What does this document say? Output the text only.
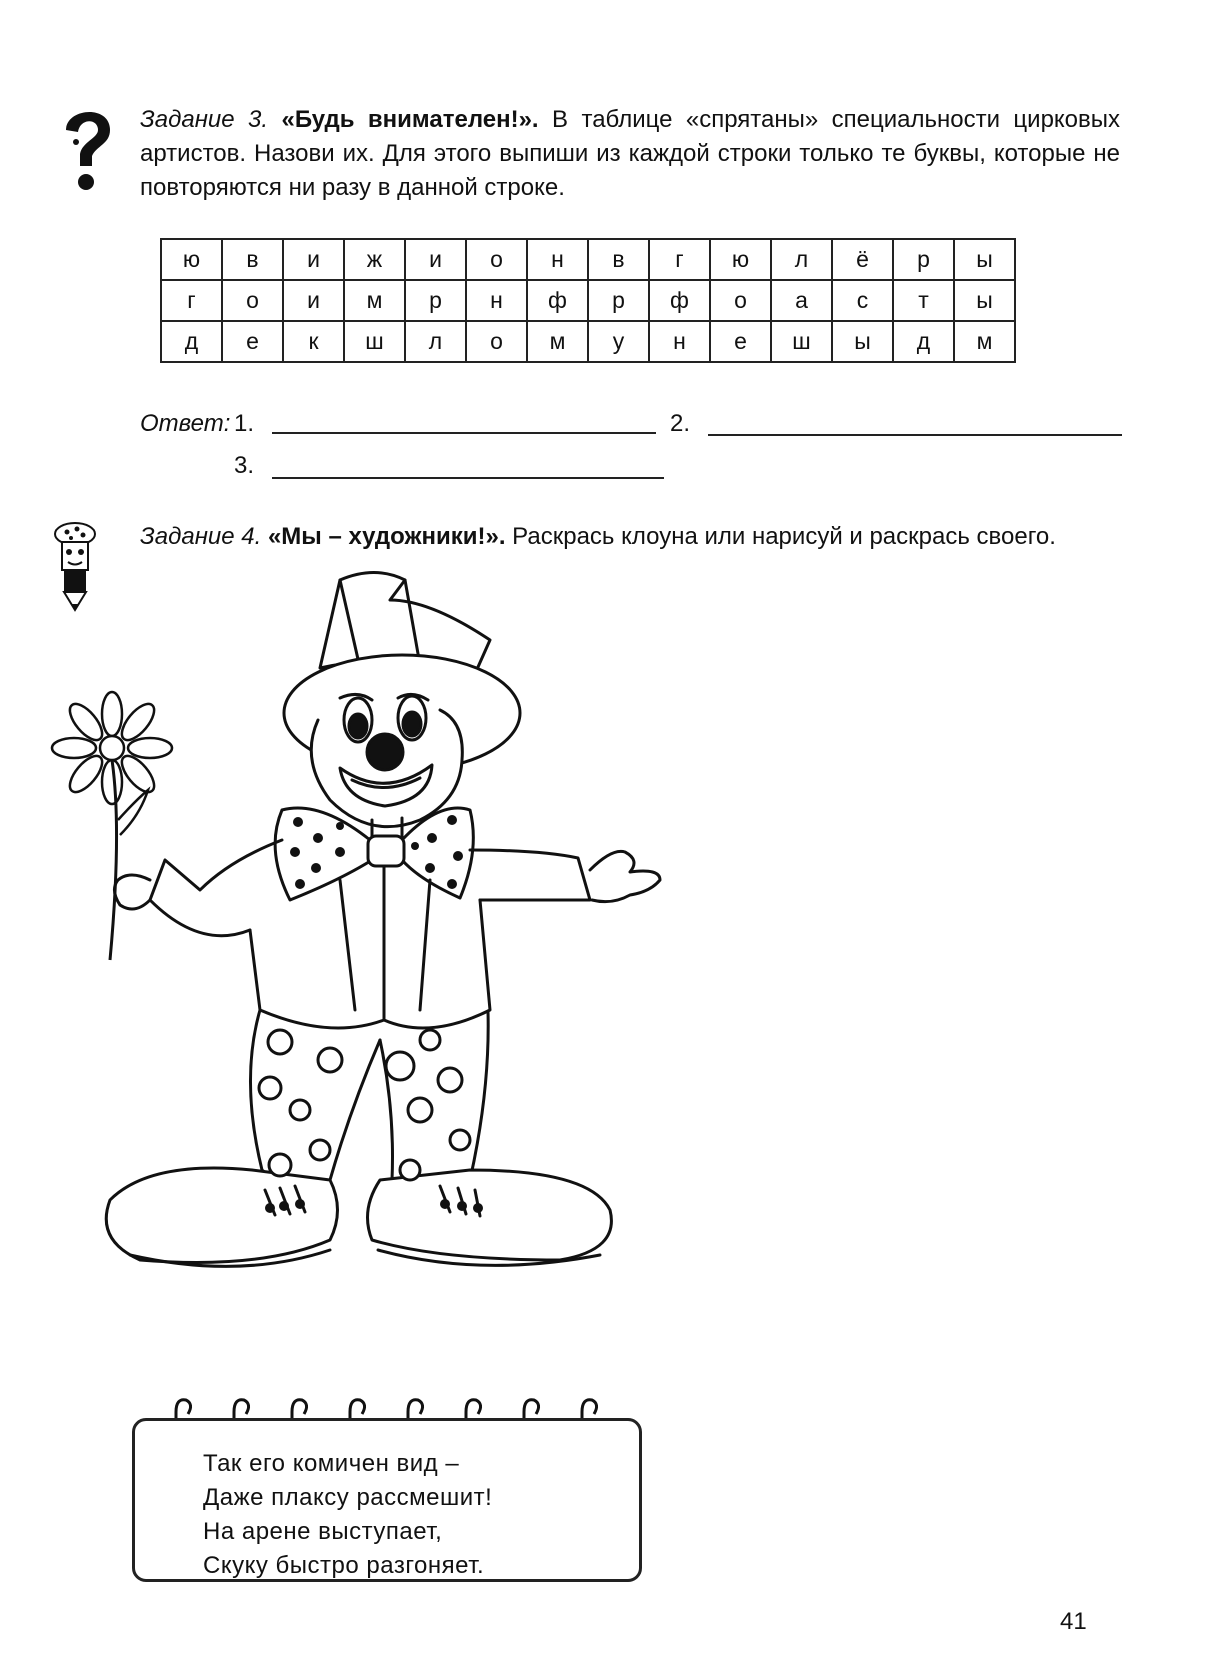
Задание 3. «Будь внимателен!». В таблице «спрятаны» специальности цирковых артистов. Назови их. Для этого выпиши из каждой строки только те буквы, которые не повторяются ни разу в данной строке.
ю	в	и	ж	и	о	н	в	г	ю	л	ё	р	ы
г	о	и	м	р	н	ф	р	ф	о	а	с	т	ы
д	е	к	ш	л	о	м	у	н	е	ш	ы	д	м
Ответ: 1.	2.
3.
Задание 4. «Мы – художники!». Раскрась клоуна или нарисуй и раскрась своего.
Так его комичен вид –
Даже плаксу рассмешит!
На арене выступает,
Скуку быстро разгоняет.
41
